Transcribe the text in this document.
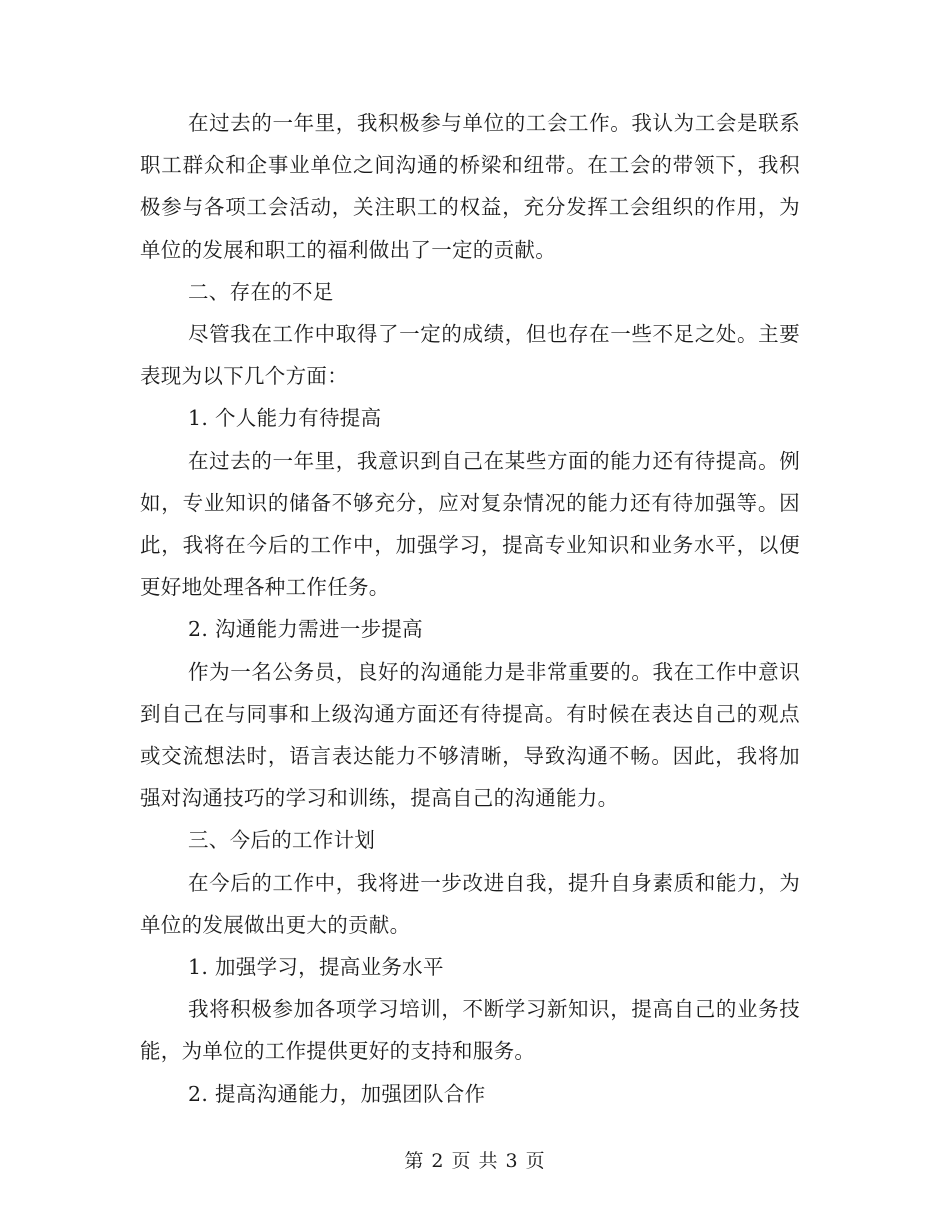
在过去的一年里，我积极参与单位的工会工作。我认为工会是联系职工群众和企事业单位之间沟通的桥梁和纽带。在工会的带领下，我积极参与各项工会活动，关注职工的权益，充分发挥工会组织的作用，为单位的发展和职工的福利做出了一定的贡献。

二、存在的不足

尽管我在工作中取得了一定的成绩，但也存在一些不足之处。主要表现为以下几个方面：

1. 个人能力有待提高

在过去的一年里，我意识到自己在某些方面的能力还有待提高。例如，专业知识的储备不够充分，应对复杂情况的能力还有待加强等。因此，我将在今后的工作中，加强学习，提高专业知识和业务水平，以便更好地处理各种工作任务。

2. 沟通能力需进一步提高

作为一名公务员，良好的沟通能力是非常重要的。我在工作中意识到自己在与同事和上级沟通方面还有待提高。有时候在表达自己的观点或交流想法时，语言表达能力不够清晰，导致沟通不畅。因此，我将加强对沟通技巧的学习和训练，提高自己的沟通能力。

三、今后的工作计划

在今后的工作中，我将进一步改进自我，提升自身素质和能力，为单位的发展做出更大的贡献。

1. 加强学习，提高业务水平

我将积极参加各项学习培训，不断学习新知识，提高自己的业务技能，为单位的工作提供更好的支持和服务。

2. 提高沟通能力，加强团队合作

第 2 页 共 3 页
